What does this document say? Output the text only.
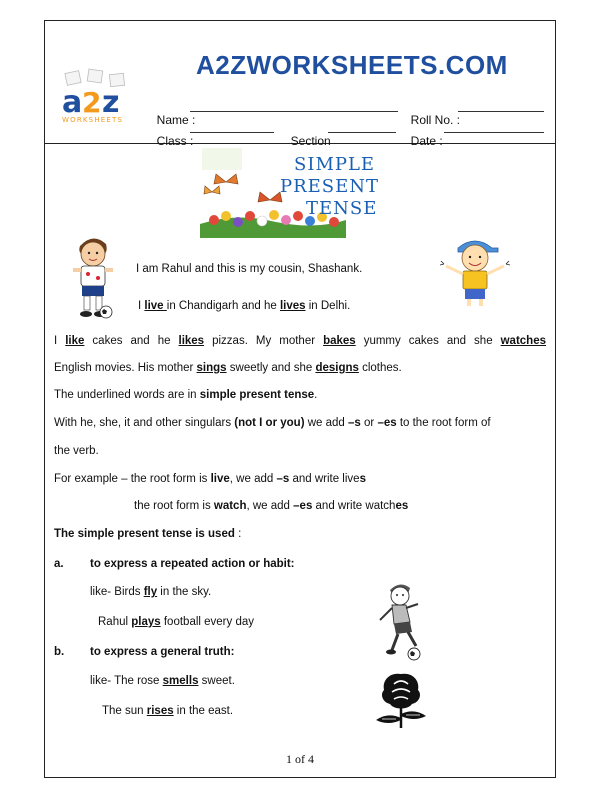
A2ZWORKSHEETS.COM
a 2 z
WORKSHEETS	Name :	Roll No. :

Class :	Section	Date :

SIMPLE
PRESENT
TENSE
I am Rahul and this is my cousin, Shashank.
I live in Chandigarh and he lives in Delhi.
I like cakes and he likes pizzas. My mother bakes yummy cakes and she watches
English movies. His mother sings sweetly and she designs clothes.
The underlined words are in simple present tense.
With he, she, it and other singulars (not I or you) we add –s or –es to the root form of
the verb.
For example – the root form is live, we add –s and write lives
the root form is watch, we add –es and write watches
The simple present tense is used :
a. to express a repeated action or habit:
like- Birds fly in the sky.
Rahul plays football every day
b. to express a general truth:
like- The rose smells sweet.
The sun rises in the east.
1 of 4
